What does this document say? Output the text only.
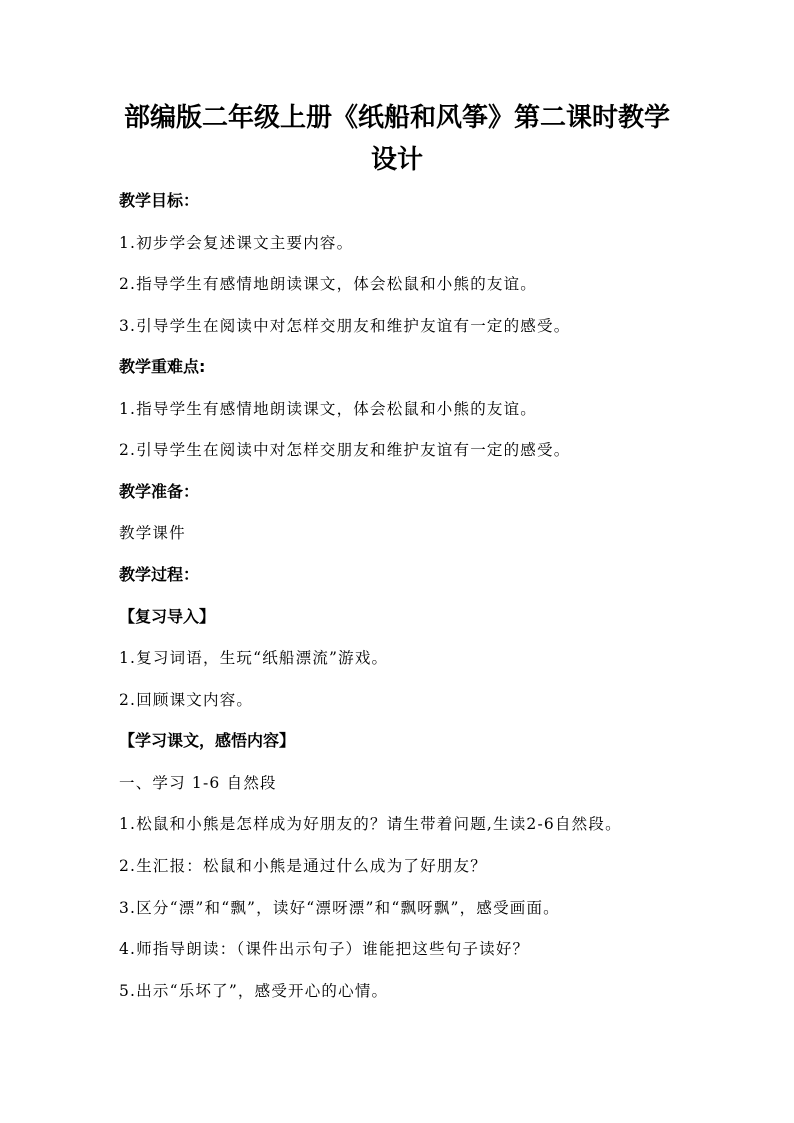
部编版二年级上册《纸船和风筝》第二课时教学
设计
教学目标：
1.初步学会复述课文主要内容。
2.指导学生有感情地朗读课文，体会松鼠和小熊的友谊。
3.引导学生在阅读中对怎样交朋友和维护友谊有一定的感受。
教学重难点:
1.指导学生有感情地朗读课文，体会松鼠和小熊的友谊。
2.引导学生在阅读中对怎样交朋友和维护友谊有一定的感受。
教学准备：
教学课件
教学过程：
【复习导入】
1.复习词语，生玩“纸船漂流”游戏。
2.回顾课文内容。
【学习课文，感悟内容】
一、学习 1-6 自然段
1.松鼠和小熊是怎样成为好朋友的？请生带着问题,生读2-6自然段。
2.生汇报：松鼠和小熊是通过什么成为了好朋友？
3.区分“漂”和“飘”，读好“漂呀漂”和“飘呀飘”，感受画面。
4.师指导朗读：（课件出示句子）谁能把这些句子读好？
5.出示“乐坏了”，感受开心的心情。
